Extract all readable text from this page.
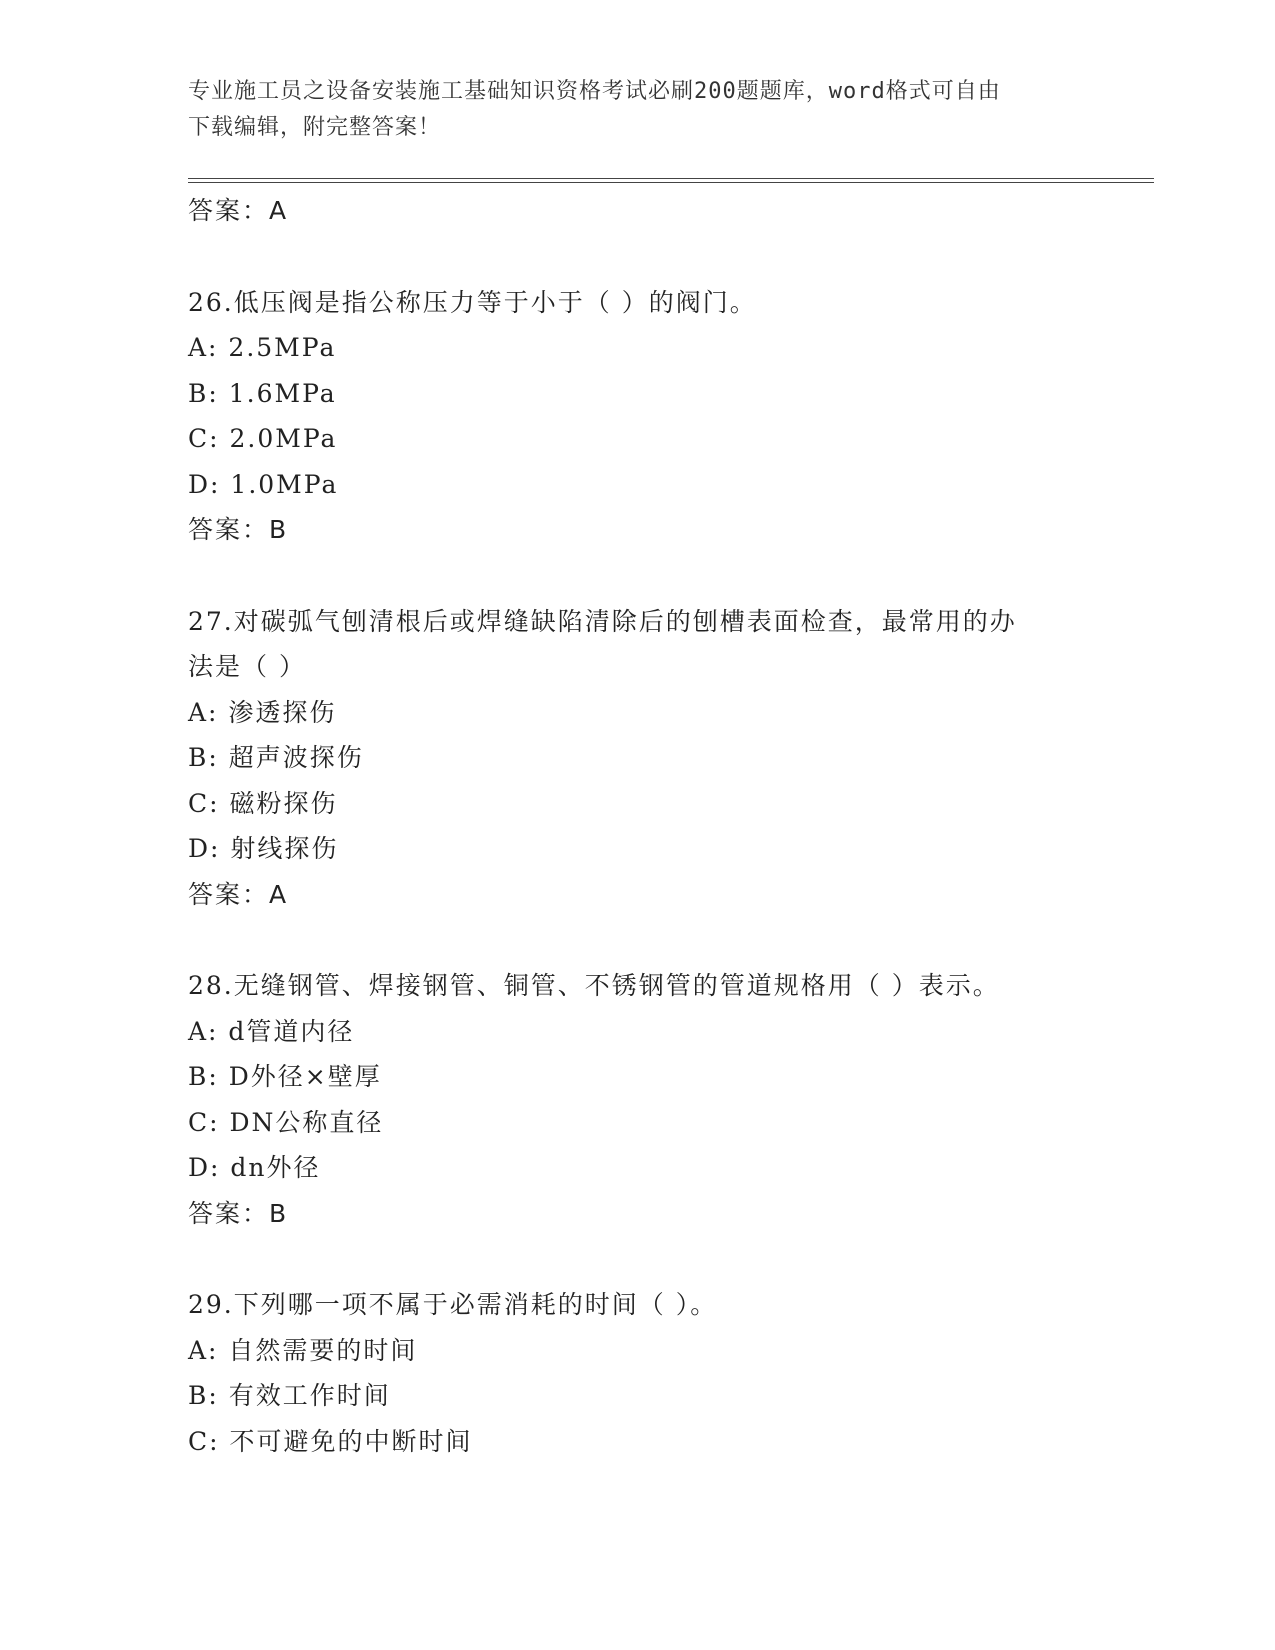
专业施工员之设备安装施工基础知识资格考试必刷200题题库，word格式可自由
下载编辑，附完整答案！
答案：A
26.低压阀是指公称压力等于小于（ ）的阀门。
A: 2.5MPa
B: 1.6MPa
C: 2.0MPa
D: 1.0MPa
答案：B
27.对碳弧气刨清根后或焊缝缺陷清除后的刨槽表面检查，最常用的办
法是（ ）
A: 渗透探伤
B: 超声波探伤
C: 磁粉探伤
D: 射线探伤
答案：A
28.无缝钢管、焊接钢管、铜管、不锈钢管的管道规格用（ ）表示。
A: d管道内径
B: D外径×壁厚
C: DN公称直径
D: dn外径
答案：B
29.下列哪一项不属于必需消耗的时间（ ）。
A: 自然需要的时间
B: 有效工作时间
C: 不可避免的中断时间
